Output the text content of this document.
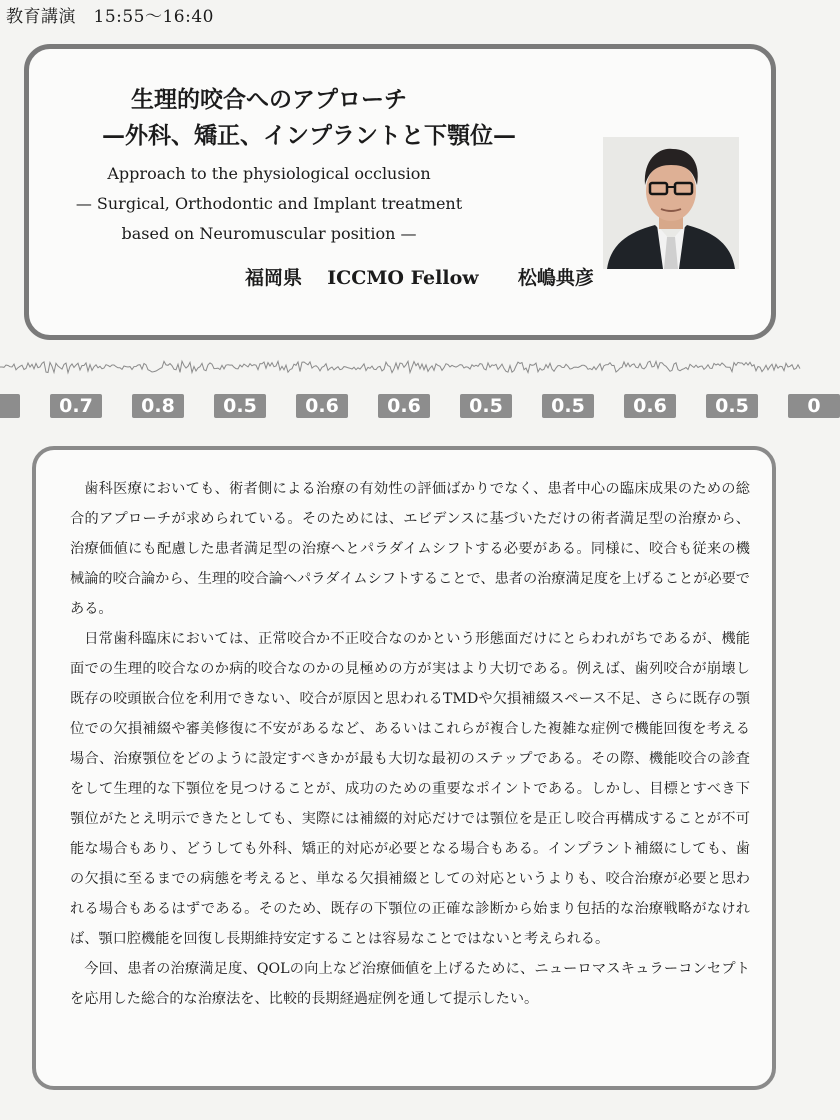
教育講演　15:55〜16:40
生理的咬合へのアプローチ
—外科、矯正、インプラントと下顎位—
Approach to the physiological occlusion
— Surgical, Orthodontic and Implant treatment
based on Neuromuscular position —
福岡県 ICCMO Fellow 松嶋典彦
0.7	0.8	0.5	0.6	0.6	0.5	0.5	0.6	0.5	0

歯科医療においても、術者側による治療の有効性の評価ばかりでなく、患者中心の臨床成果のための総合的アプローチが求められている。そのためには、エビデンスに基づいただけの術者満足型の治療から、治療価値にも配慮した患者満足型の治療へとパラダイムシフトする必要がある。同様に、咬合も従来の機械論的咬合論から、生理的咬合論へパラダイムシフトすることで、患者の治療満足度を上げることが必要である。

日常歯科臨床においては、正常咬合か不正咬合なのかという形態面だけにとらわれがちであるが、機能面での生理的咬合なのか病的咬合なのかの見極めの方が実はより大切である。例えば、歯列咬合が崩壊し既存の咬頭嵌合位を利用できない、咬合が原因と思われるTMDや欠損補綴スペース不足、さらに既存の顎位での欠損補綴や審美修復に不安があるなど、あるいはこれらが複合した複雑な症例で機能回復を考える場合、治療顎位をどのように設定すべきかが最も大切な最初のステップである。その際、機能咬合の診査をして生理的な下顎位を見つけることが、成功のための重要なポイントである。しかし、目標とすべき下顎位がたとえ明示できたとしても、実際には補綴的対応だけでは顎位を是正し咬合再構成することが不可能な場合もあり、どうしても外科、矯正的対応が必要となる場合もある。インプラント補綴にしても、歯の欠損に至るまでの病態を考えると、単なる欠損補綴としての対応というよりも、咬合治療が必要と思われる場合もあるはずである。そのため、既存の下顎位の正確な診断から始まり包括的な治療戦略がなければ、顎口腔機能を回復し長期維持安定することは容易なことではないと考えられる。

今回、患者の治療満足度、QOLの向上など治療価値を上げるために、ニューロマスキュラーコンセプトを応用した総合的な治療法を、比較的長期経過症例を通して提示したい。
